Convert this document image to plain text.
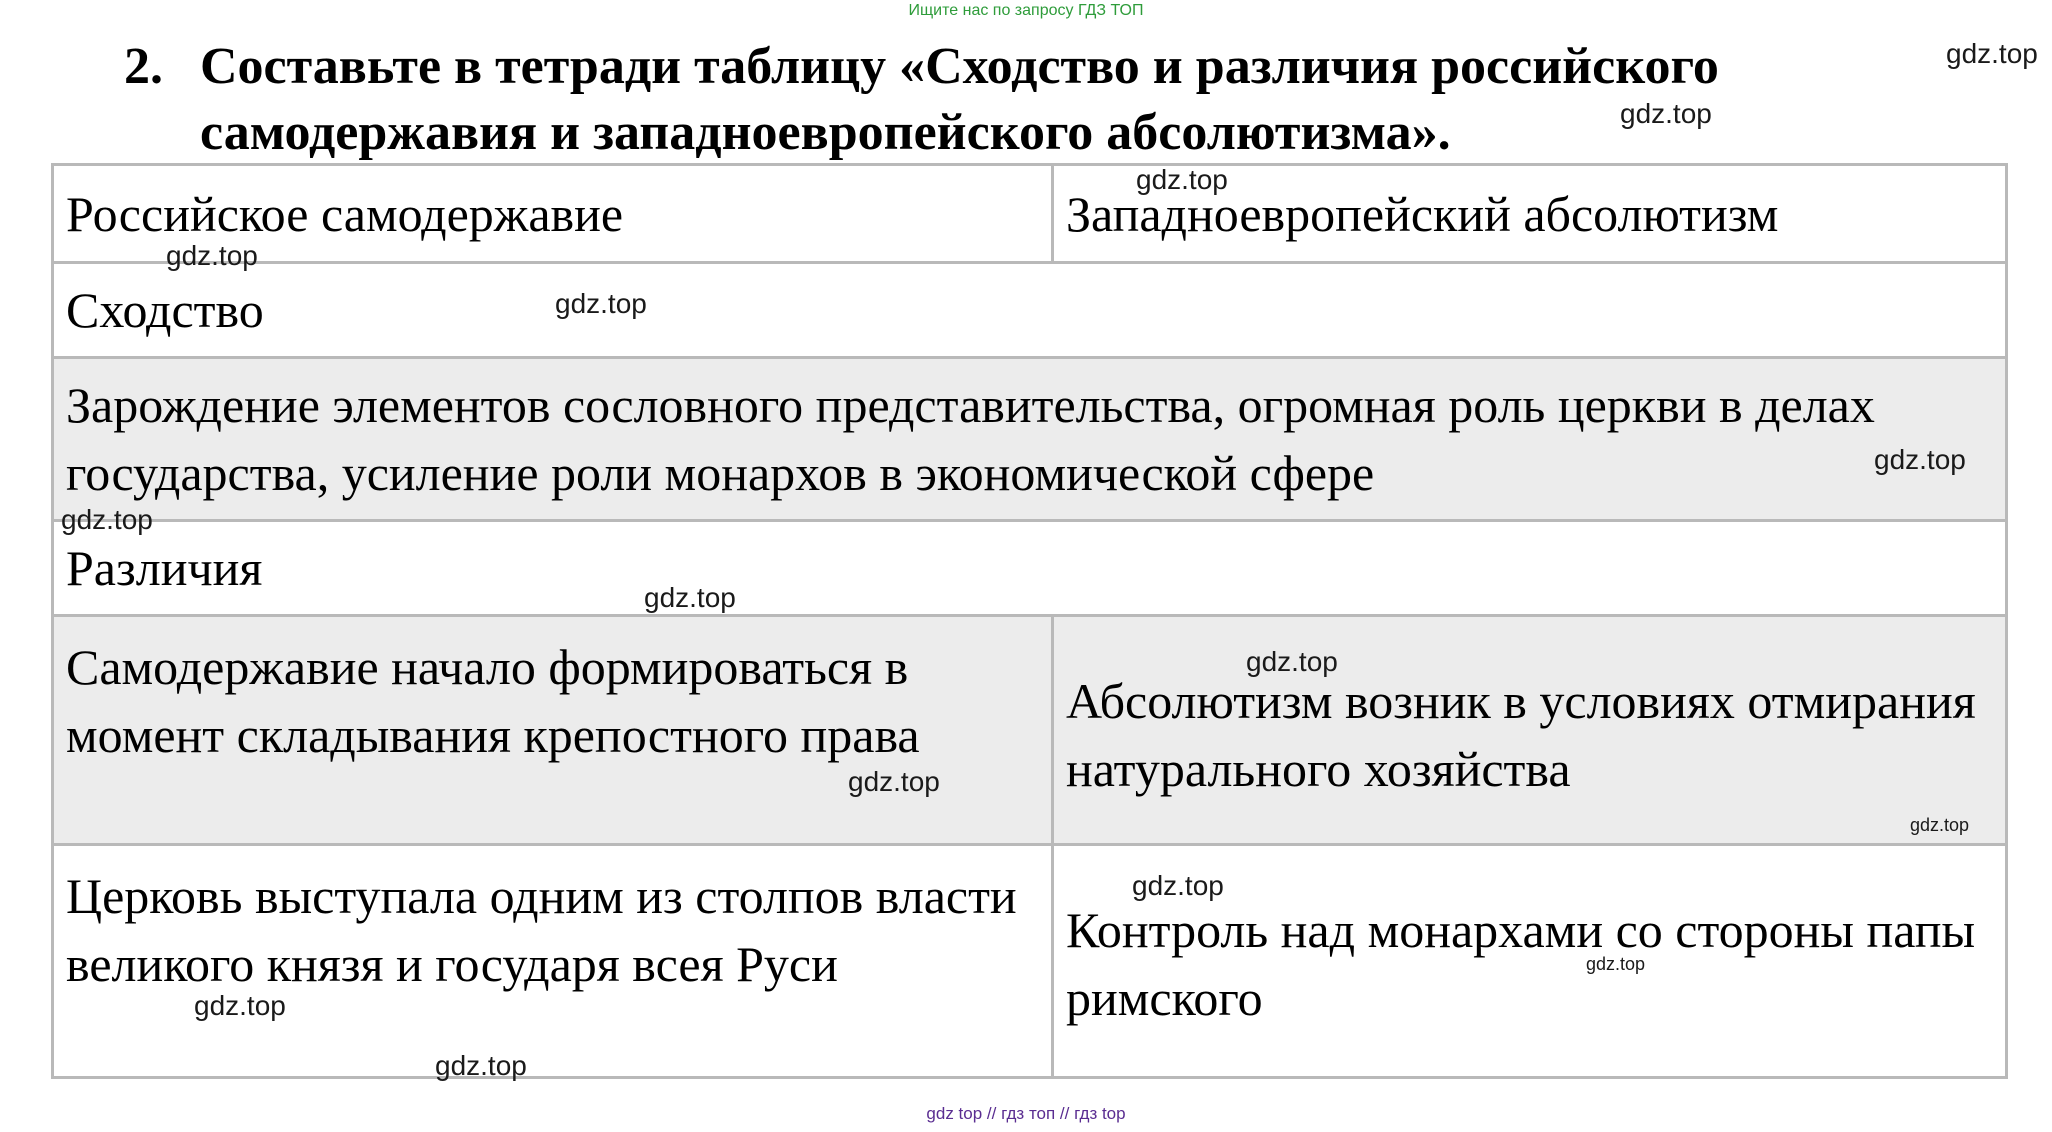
Ищите нас по запросу ГДЗ ТОП
2. Составьте в тетради таблицу «Сходство и различия российского самодержавия и западноевропейского абсолютизма».
Российское самодержавие	Западноевропейский абсолютизм
Сходство
Зарождение элементов сословного представительства, огромная роль церкви в делах государства, усиление роли монархов в экономической сфере
Различия
Самодержавие начало формироваться в момент складывания крепостного права
Абсолютизм возник в условиях отмирания натурального хозяйства
Церковь выступала одним из столпов власти великого князя и государя всея Руси
Контроль над монархами со стороны папы римского
gdz.top
gdz.top
gdz.top
gdz.top
gdz.top
gdz.top
gdz.top
gdz.top
gdz.top
gdz.top
gdz.top
gdz.top
gdz.top
gdz.top
gdz.top
gdz top // гдз топ // гдз top
